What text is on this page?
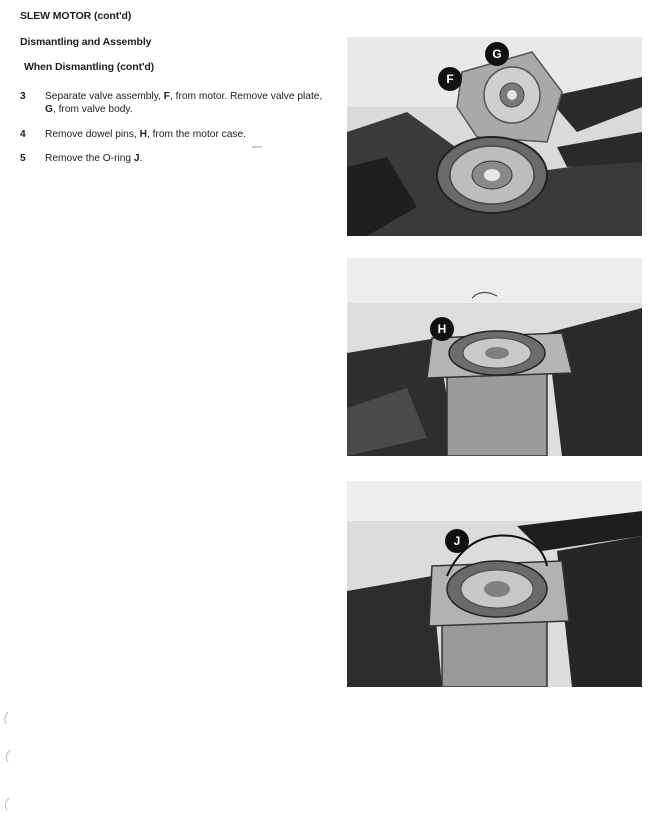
SLEW MOTOR (cont'd)
Dismantling and Assembly
When Dismantling (cont'd)
3 Separate valve assembly, F, from motor. Remove valve plate, G, from valve body.
4 Remove dowel pins, H, from the motor case.
5 Remove the O-ring J.
G
F
H
J
